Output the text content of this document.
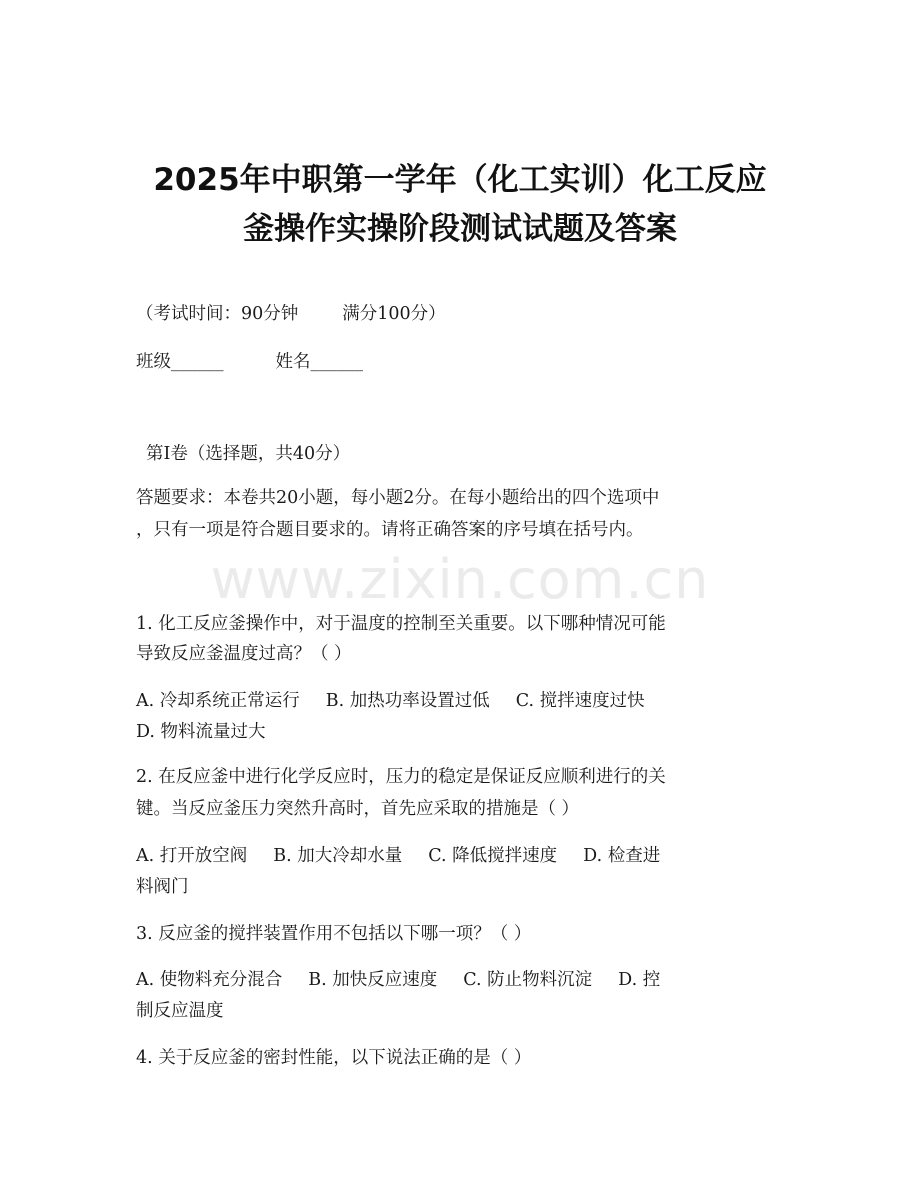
www.zixin.com.cn
2025年中职第一学年（化工实训）化工反应
釜操作实操阶段测试试题及答案
（考试时间：90分钟	满分100分）
班级______	姓名______
第Ⅰ卷（选择题，共40分）
答题要求：本卷共20小题，每小题2分。在每小题给出的四个选项中
，只有一项是符合题目要求的。请将正确答案的序号填在括号内。
1. 化工反应釜操作中，对于温度的控制至关重要。以下哪种情况可能
导致反应釜温度过高？（ ）
A. 冷却系统正常运行 B. 加热功率设置过低 C. 搅拌速度过快
D. 物料流量过大
2. 在反应釜中进行化学反应时，压力的稳定是保证反应顺利进行的关
键。当反应釜压力突然升高时，首先应采取的措施是（ ）
A. 打开放空阀 B. 加大冷却水量 C. 降低搅拌速度 D. 检查进
料阀门
3. 反应釜的搅拌装置作用不包括以下哪一项？（ ）
A. 使物料充分混合 B. 加快反应速度 C. 防止物料沉淀 D. 控
制反应温度
4. 关于反应釜的密封性能，以下说法正确的是（ ）
